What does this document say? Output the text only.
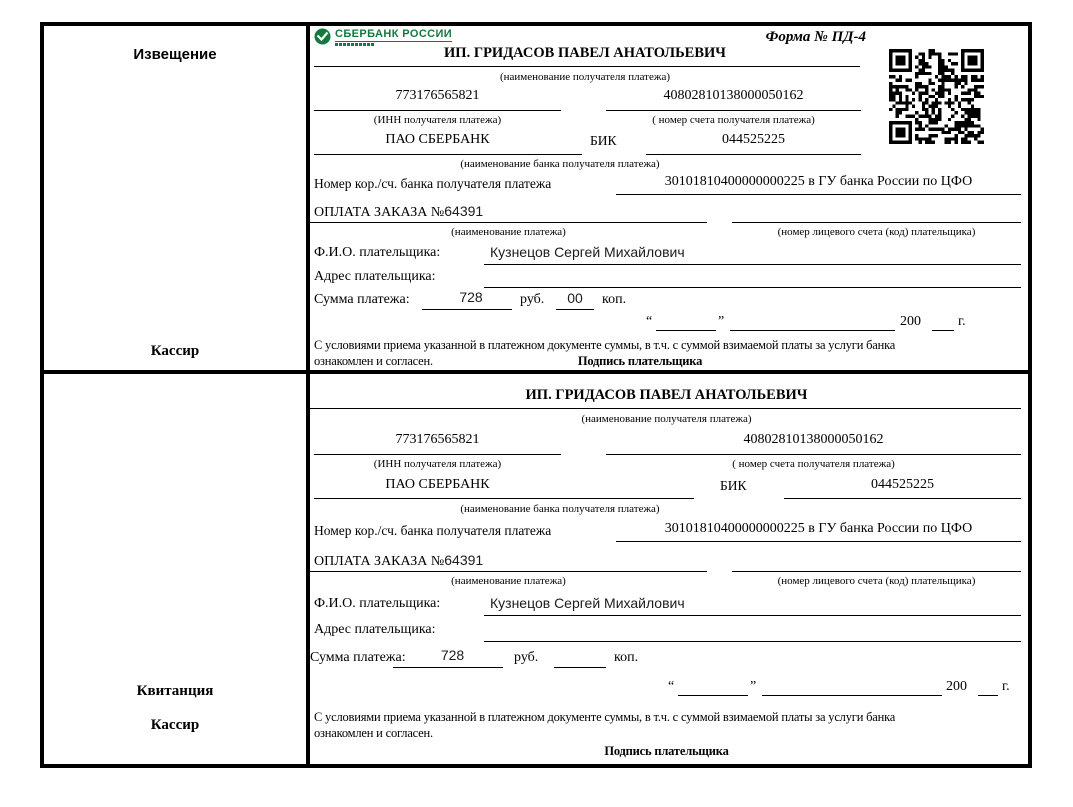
Извещение
Кассир
СБЕРБАНК РОССИИ	Форма № ПД-4
ИП. ГРИДАСОВ ПАВЕЛ АНАТОЛЬЕВИЧ
(наименование получателя платежа)
773176565821	40802810138000050162
(ИНН получателя платежа)	( номер счета получателя платежа)
ПАО СБЕРБАНК	БИК	044525225
(наименование банка получателя платежа)
Номер кор./сч. банка получателя платежа	30101810400000000225 в ГУ банка России по ЦФО
ОПЛАТА ЗАКАЗА №64391
(наименование платежа)	(номер лицевого счета (код) плательщика)
Ф.И.О. плательщика:	Кузнецов Сергей Михайлович
Адрес плательщика:
Сумма платежа:	728	руб.	00	коп.
“	”	200	г.
С условиями приема указанной в платежном документе суммы, в т.ч. с суммой взимаемой платы за услуги банка
ознакомлен и согласен.	Подпись плательщика
Квитанция
Кассир
ИП. ГРИДАСОВ ПАВЕЛ АНАТОЛЬЕВИЧ
(наименование получателя платежа)
773176565821	40802810138000050162
(ИНН получателя платежа)	( номер счета получателя платежа)
ПАО СБЕРБАНК	БИК	044525225
(наименование банка получателя платежа)
Номер кор./сч. банка получателя платежа	30101810400000000225 в ГУ банка России по ЦФО
ОПЛАТА ЗАКАЗА №64391
(наименование платежа)	(номер лицевого счета (код) плательщика)
Ф.И.О. плательщика:	Кузнецов Сергей Михайлович
Адрес плательщика:
Сумма платежа:	728	руб.	коп.
“	”	200	г.
С условиями приема указанной в платежном документе суммы, в т.ч. с суммой взимаемой платы за услуги банка
ознакомлен и согласен.
Подпись плательщика
